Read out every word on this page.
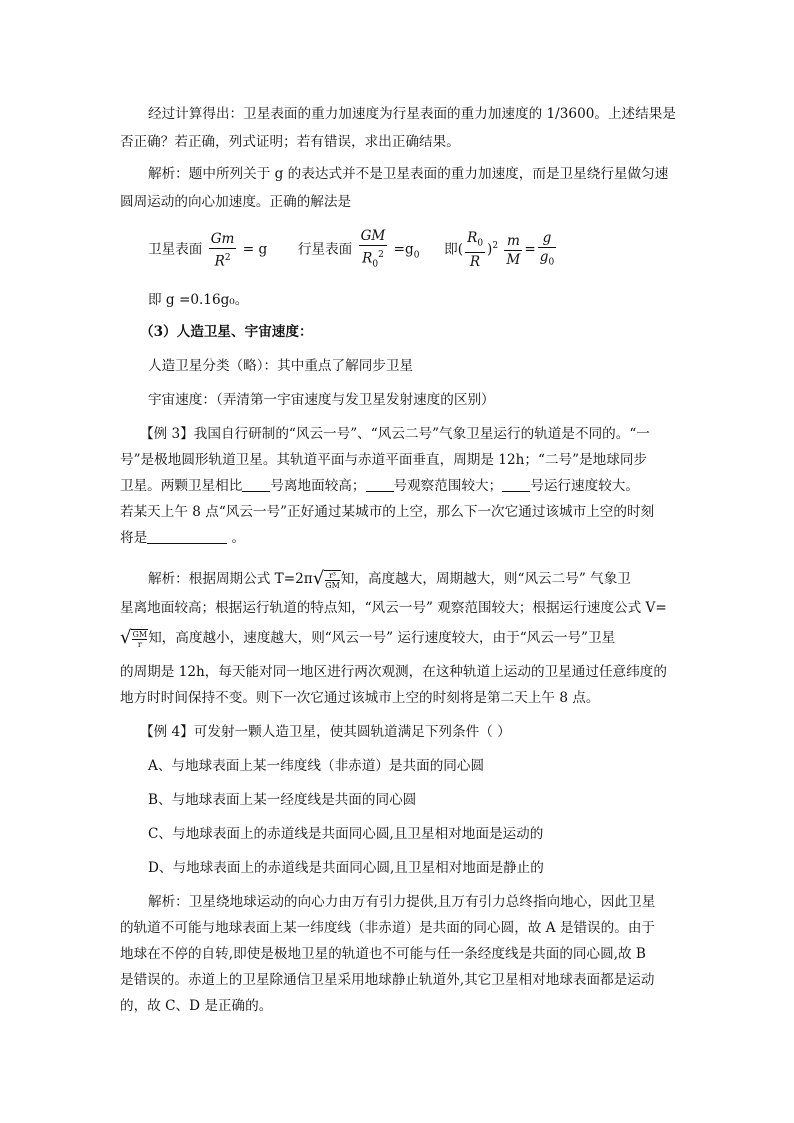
经过计算得出：卫星表面的重力加速度为行星表面的重力加速度的 1/3600。上述结果是
否正确？若正确，列式证明；若有错误，求出正确结果。
解析：题中所列关于 g 的表达式并不是卫星表面的重力加速度，而是卫星绕行星做匀速
圆周运动的向心加速度。正确的解法是
卫星表面 $\frac{Gm}{R^2} = g$ 行星表面 $\frac{GM}{R_0^2} =g_0$ 即( $\frac{R_0}{R} )^2 \frac{m}{M} = \frac{g}{g_0}$
即 g =0.16g₀。
（3）人造卫星、宇宙速度：
人造卫星分类（略）：其中重点了解同步卫星
宇宙速度：（弄清第一宇宙速度与发卫星发射速度的区别）
【例 3】我国自行研制的“风云一号”、“风云二号”气象卫星运行的轨道是不同的。“一
号”是极地圆形轨道卫星。其轨道平面与赤道平面垂直，周期是 12h；“二号”是地球同步
卫星。两颗卫星相比 号离地面较高； 号观察范围较大； 号运行速度较大。
若某天上午 8 点“风云一号”正好通过某城市的上空，那么下一次它通过该城市上空的时刻
将是	。
解析：根据周期公式 $T=2\pi√ \frac{\text{r³}}{GM}$ 知，高度越大，周期越大，则“风云二号” 气象卫
星离地面较高；根据运行轨道的特点知，“风云一号” 观察范围较大；根据运行速度公式 V=
√ $\frac{GM}{r}$ 知，高度越小，速度越大，则“风云一号” 运行速度较大，由于“风云一号”卫星
的周期是 12h，每天能对同一地区进行两次观测，在这种轨道上运动的卫星通过任意纬度的
地方时时间保持不变。则下一次它通过该城市上空的时刻将是第二天上午 8 点。
【例 4】可发射一颗人造卫星，使其圆轨道满足下列条件（ ）
A、与地球表面上某一纬度线（非赤道）是共面的同心圆
B、与地球表面上某一经度线是共面的同心圆
C、与地球表面上的赤道线是共面同心圆,且卫星相对地面是运动的
D、与地球表面上的赤道线是共面同心圆,且卫星相对地面是静止的
解析：卫星绕地球运动的向心力由万有引力提供,且万有引力总终指向地心，因此卫星
的轨道不可能与地球表面上某一纬度线（非赤道）是共面的同心圆，故 A 是错误的。由于
地球在不停的自转,即使是极地卫星的轨道也不可能与任一条经度线是共面的同心圆,故 B
是错误的。赤道上的卫星除通信卫星采用地球静止轨道外,其它卫星相对地球表面都是运动
的，故 C、D 是正确的。
